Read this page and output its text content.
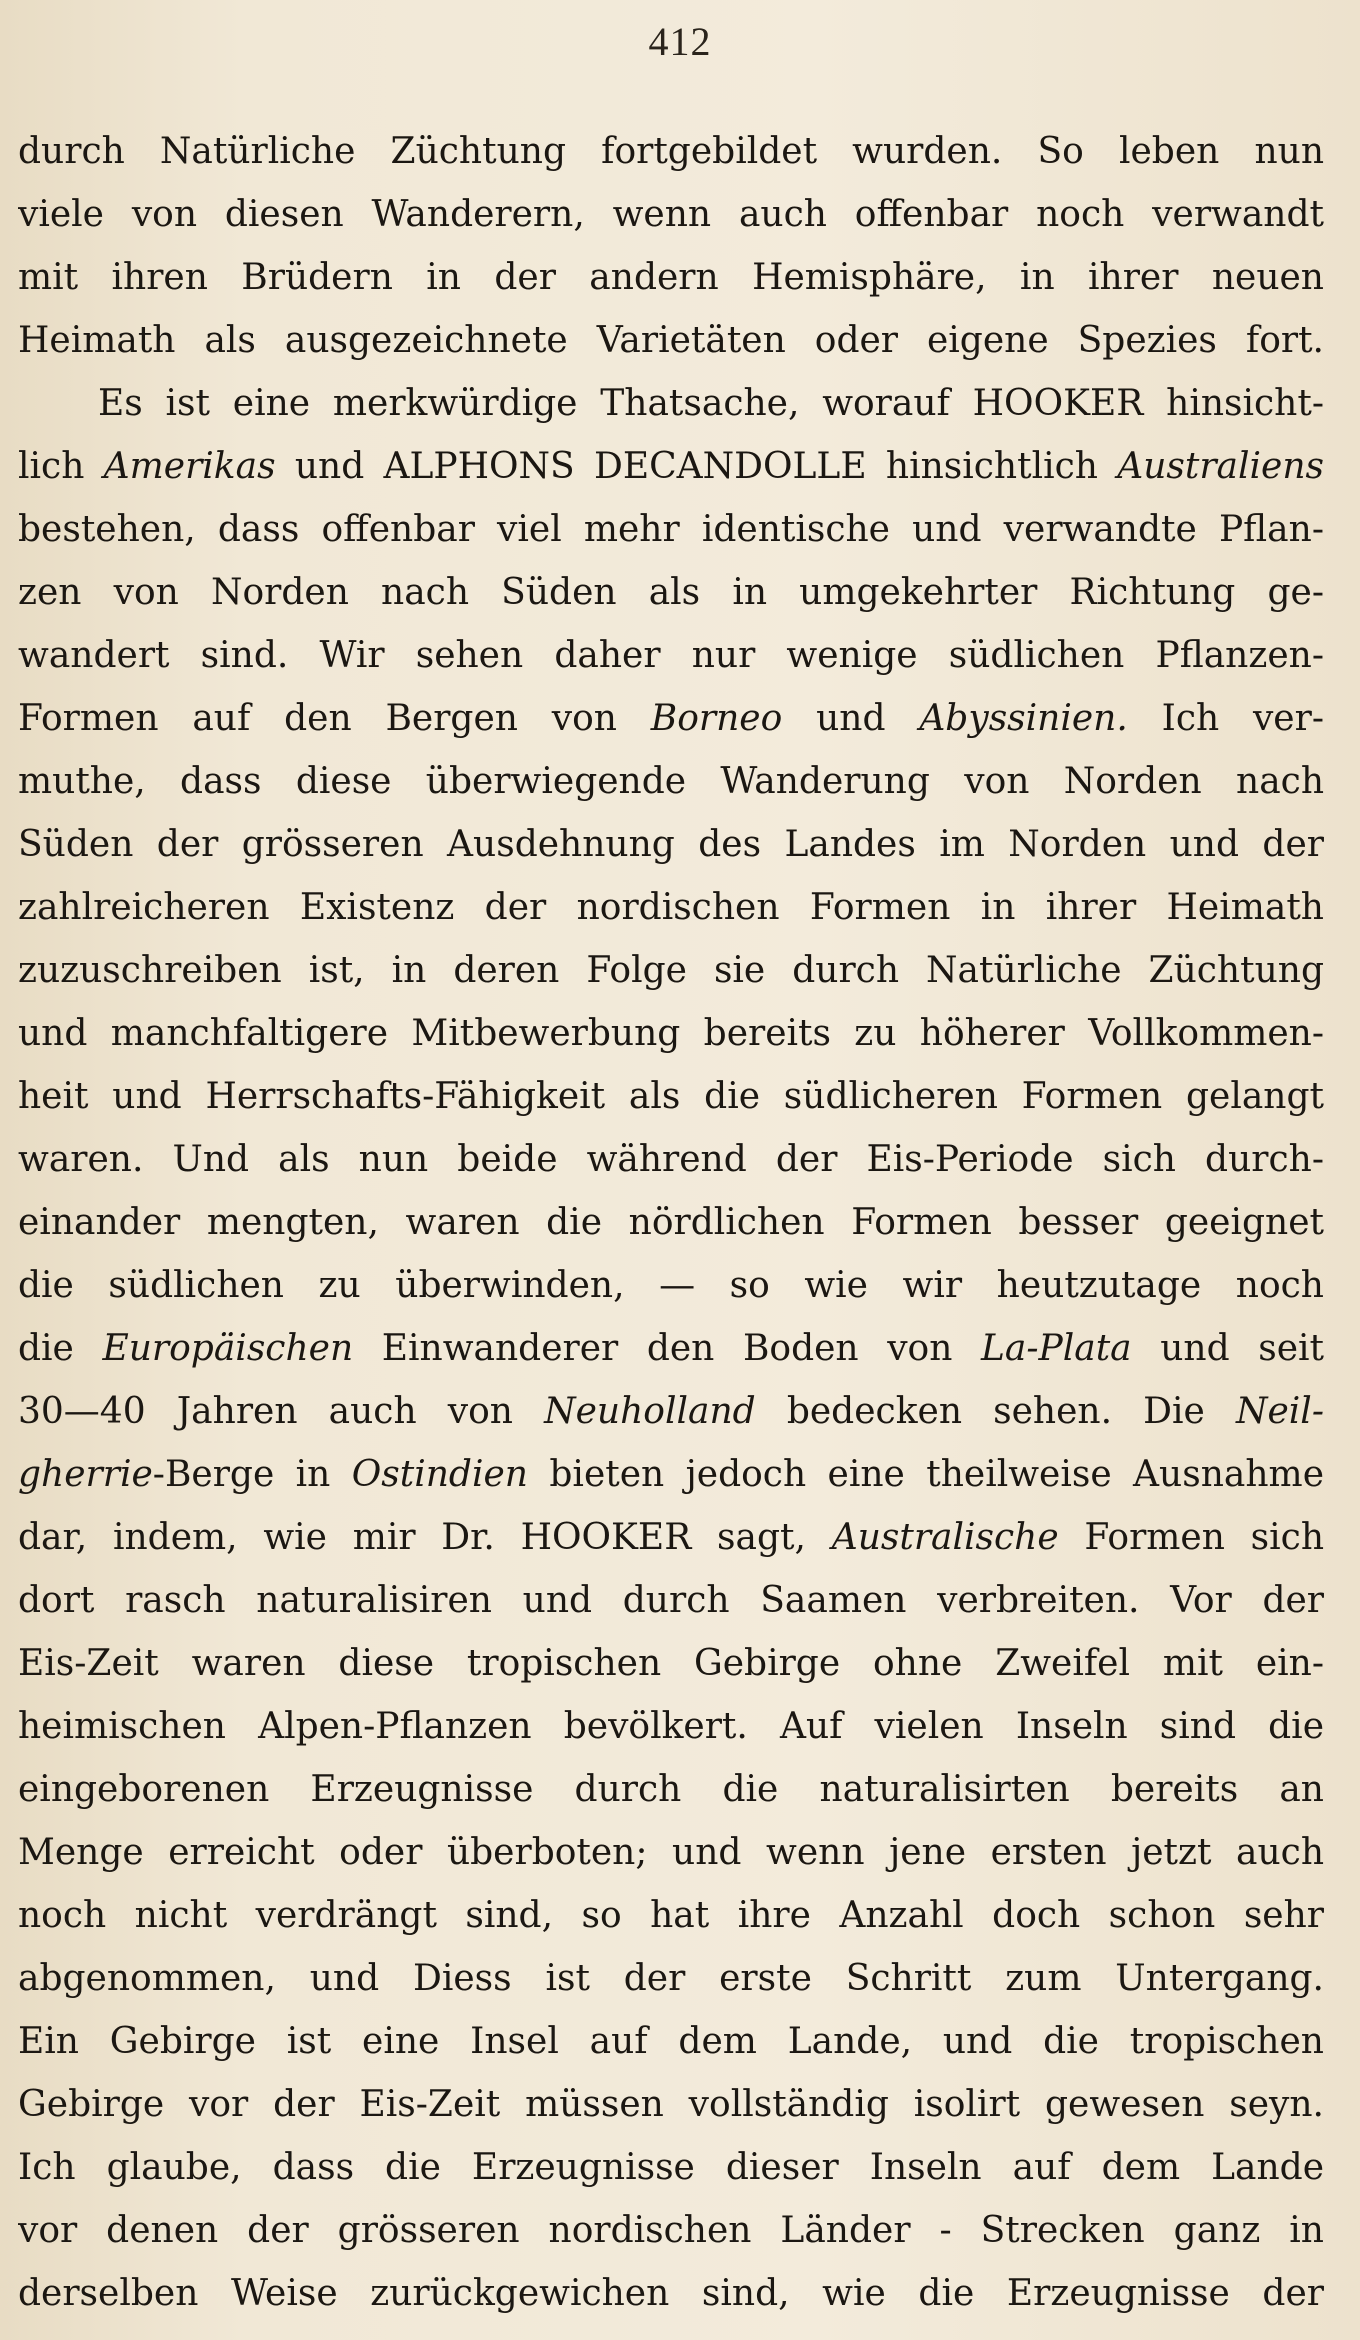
412
durch Natürliche Züchtung fortgebildet wurden. So leben nun
viele von diesen Wanderern, wenn auch offenbar noch verwandt
mit ihren Brüdern in der andern Hemisphäre, in ihrer neuen
Heimath als ausgezeichnete Varietäten oder eigene Spezies fort.
Es ist eine merkwürdige Thatsache, worauf HOOKER hinsicht-
lich Amerikas und ALPHONS DECANDOLLE hinsichtlich Australiens
bestehen, dass offenbar viel mehr identische und verwandte Pflan-
zen von Norden nach Süden als in umgekehrter Richtung ge-
wandert sind. Wir sehen daher nur wenige südlichen Pflanzen-
Formen auf den Bergen von Borneo und Abyssinien. Ich ver-
muthe, dass diese überwiegende Wanderung von Norden nach
Süden der grösseren Ausdehnung des Landes im Norden und der
zahlreicheren Existenz der nordischen Formen in ihrer Heimath
zuzuschreiben ist, in deren Folge sie durch Natürliche Züchtung
und manchfaltigere Mitbewerbung bereits zu höherer Vollkommen-
heit und Herrschafts-Fähigkeit als die südlicheren Formen gelangt
waren. Und als nun beide während der Eis-Periode sich durch-
einander mengten, waren die nördlichen Formen besser geeignet
die südlichen zu überwinden, — so wie wir heutzutage noch
die Europäischen Einwanderer den Boden von La-Plata und seit
30—40 Jahren auch von Neuholland bedecken sehen. Die Neil-
gherrie-Berge in Ostindien bieten jedoch eine theilweise Ausnahme
dar, indem, wie mir Dr. HOOKER sagt, Australische Formen sich
dort rasch naturalisiren und durch Saamen verbreiten. Vor der
Eis-Zeit waren diese tropischen Gebirge ohne Zweifel mit ein-
heimischen Alpen-Pflanzen bevölkert. Auf vielen Inseln sind die
eingeborenen Erzeugnisse durch die naturalisirten bereits an
Menge erreicht oder überboten; und wenn jene ersten jetzt auch
noch nicht verdrängt sind, so hat ihre Anzahl doch schon sehr
abgenommen, und Diess ist der erste Schritt zum Untergang.
Ein Gebirge ist eine Insel auf dem Lande, und die tropischen
Gebirge vor der Eis-Zeit müssen vollständig isolirt gewesen seyn.
Ich glaube, dass die Erzeugnisse dieser Inseln auf dem Lande
vor denen der grösseren nordischen Länder - Strecken ganz in
derselben Weise zurückgewichen sind, wie die Erzeugnisse der
